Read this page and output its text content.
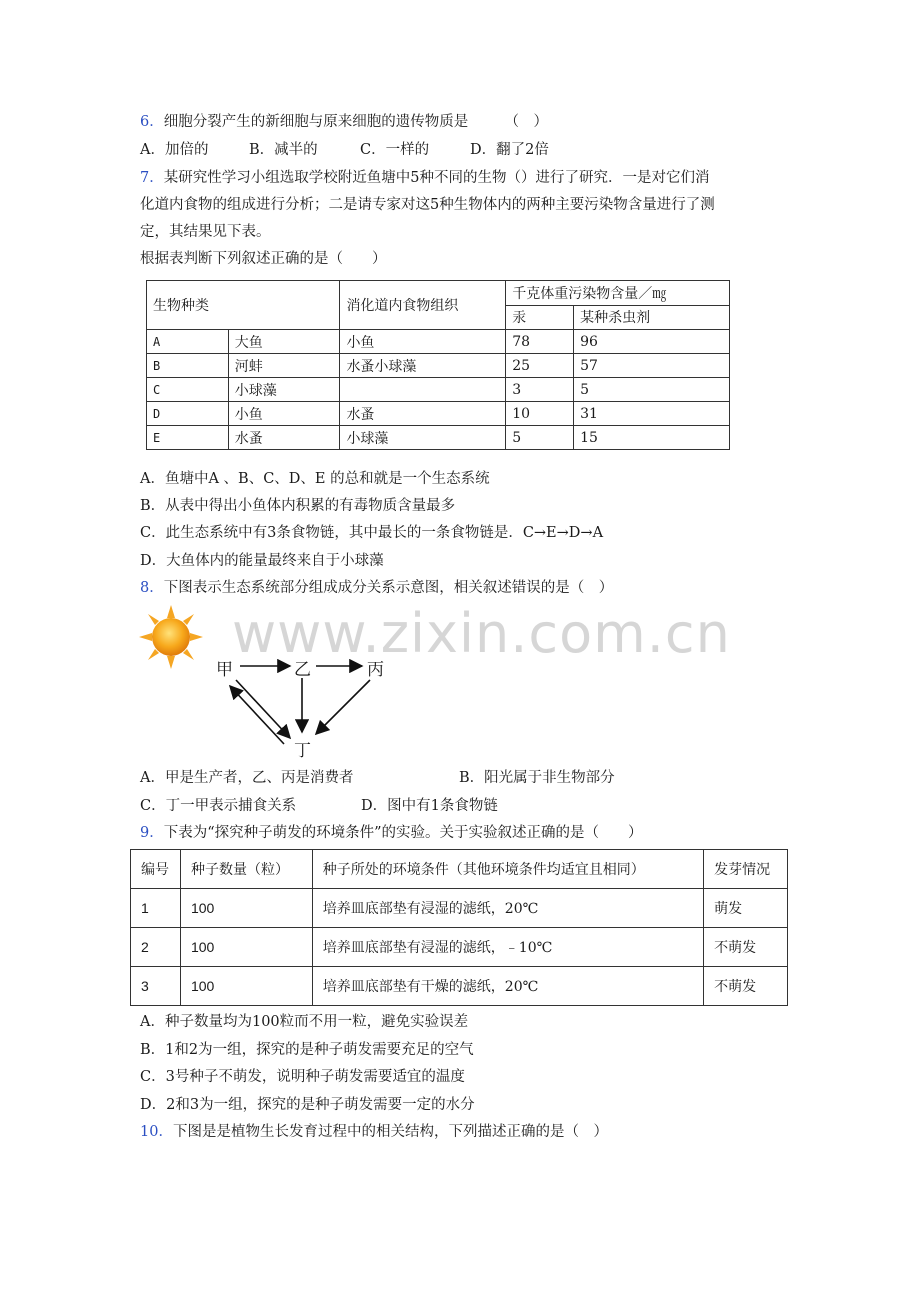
6．细胞分裂产生的新细胞与原来细胞的遗传物质是　　　（　）
A．加倍的	B．减半的	C．一样的	D．翻了2倍
7．某研究性学习小组选取学校附近鱼塘中5种不同的生物（）进行了研究．一是对它们消
化道内食物的组成进行分析；二是请专家对这5种生物体内的两种主要污染物含量进行了测
定，其结果见下表。
根据表判断下列叙述正确的是（　　）
生物种类		消化道内食物组织	千克体重污染物含量／㎎	
			汞	某种杀虫剂
A	大鱼	小鱼	78	96
B	河蚌	水蚤小球藻	25	57
C	小球藻		3	5
D	小鱼	水蚤	10	31
E	水蚤	小球藻	5	15
A．鱼塘中A 、B、C、D、E 的总和就是一个生态系统
B．从表中得出小鱼体内积累的有毒物质含量最多
C．此生态系统中有3条食物链，其中最长的一条食物链是．C→E→D→A
D．大鱼体内的能量最终来自于小球藻
8．下图表示生态系统部分组成成分关系示意图，相关叙述错误的是（　）
www.zixin.com.cn
甲	乙	丙
丁
A．甲是生产者，乙、丙是消费者	B．阳光属于非生物部分
C．丁一甲表示捕食关系	D．图中有1条食物链
9．下表为“探究种子萌发的环境条件”的实验。关于实验叙述正确的是（　　）
编号	种子数量（粒）	种子所处的环境条件（其他环境条件均适宜且相同）	发芽情况
1	100	培养皿底部垫有浸湿的滤纸，20℃	萌发
2	100	培养皿底部垫有浸湿的滤纸，﹣10℃	不萌发
3	100	培养皿底部垫有干燥的滤纸，20℃	不萌发
A．种子数量均为100粒而不用一粒，避免实验误差
B．1和2为一组，探究的是种子萌发需要充足的空气
C．3号种子不萌发，说明种子萌发需要适宜的温度
D．2和3为一组，探究的是种子萌发需要一定的水分
10．下图是是植物生长发育过程中的相关结构，下列描述正确的是（　）
